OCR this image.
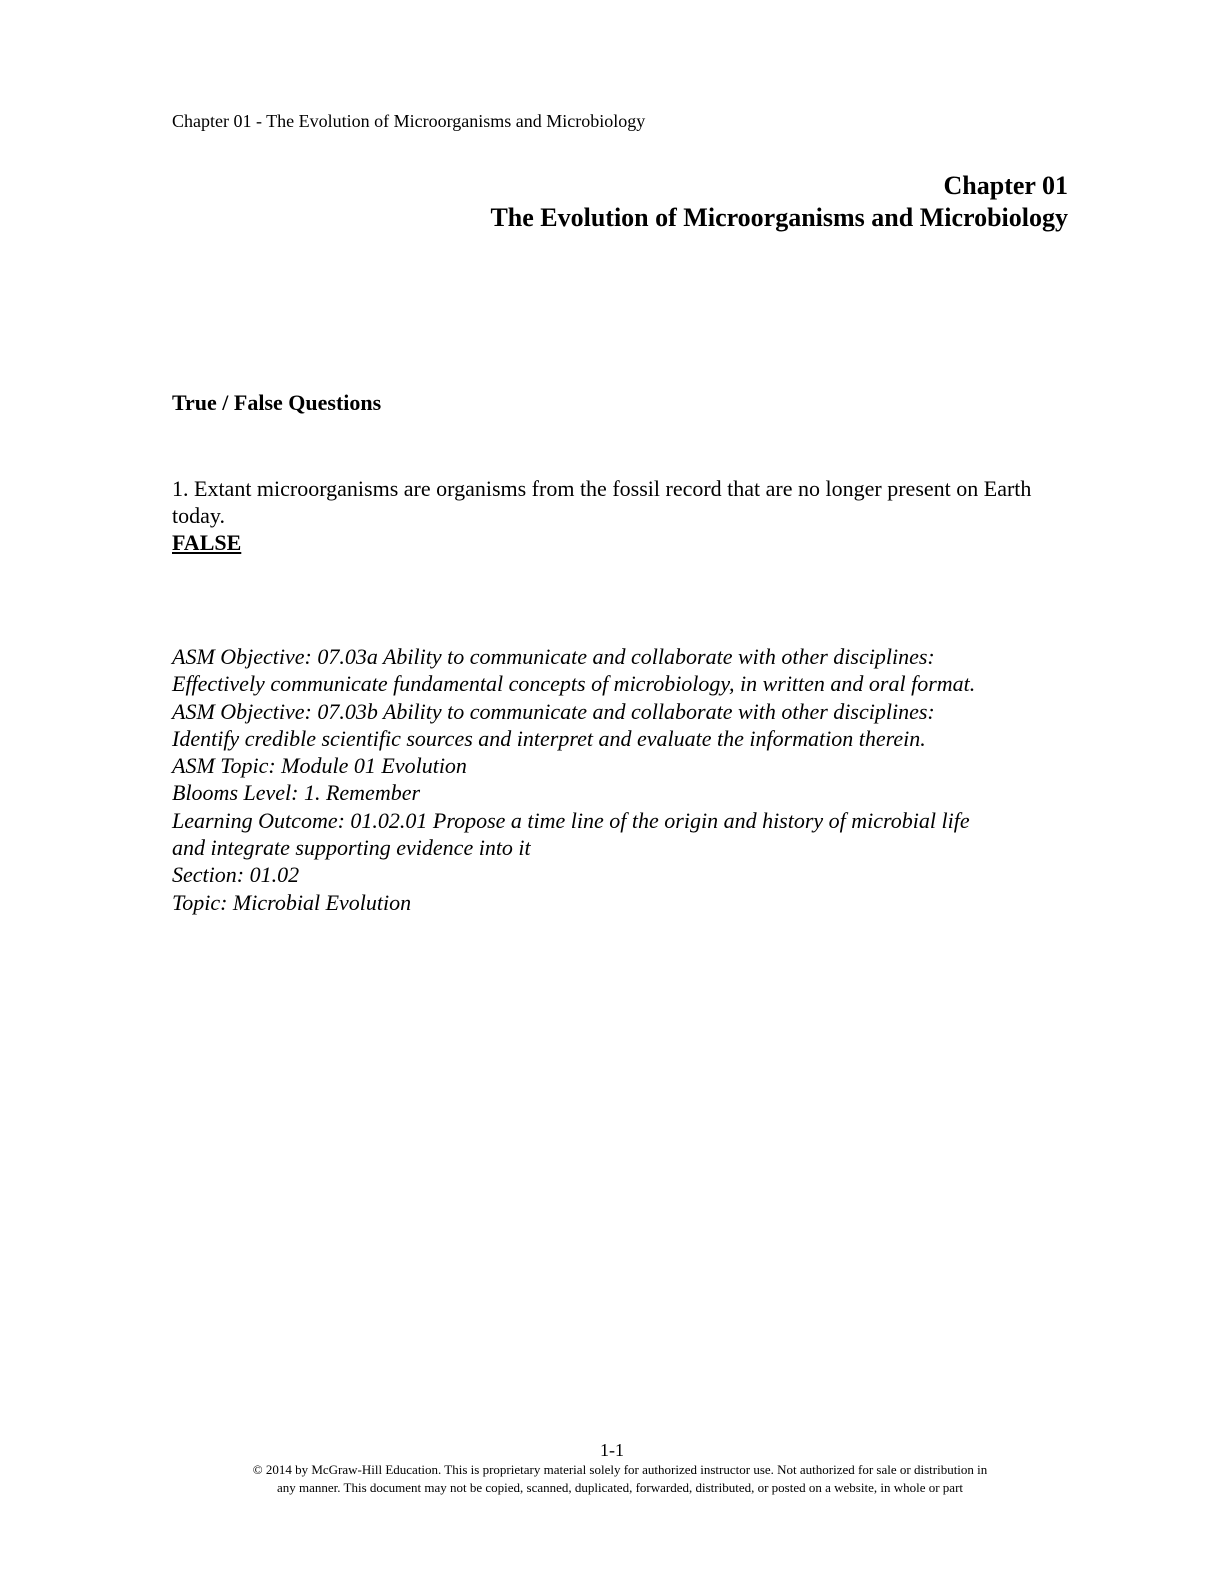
Chapter 01 - The Evolution of Microorganisms and Microbiology
Chapter 01
The Evolution of Microorganisms and Microbiology
True / False Questions
1. Extant microorganisms are organisms from the fossil record that are no longer present on Earth today.
FALSE
ASM Objective: 07.03a Ability to communicate and collaborate with other disciplines:
Effectively communicate fundamental concepts of microbiology, in written and oral format.
ASM Objective: 07.03b Ability to communicate and collaborate with other disciplines:
Identify credible scientific sources and interpret and evaluate the information therein.
ASM Topic: Module 01 Evolution
Blooms Level: 1. Remember
Learning Outcome: 01.02.01 Propose a time line of the origin and history of microbial life
and integrate supporting evidence into it
Section: 01.02
Topic: Microbial Evolution
1-1
© 2014 by McGraw-Hill Education. This is proprietary material solely for authorized instructor use. Not authorized for sale or distribution in
any manner. This document may not be copied, scanned, duplicated, forwarded, distributed, or posted on a website, in whole or part
